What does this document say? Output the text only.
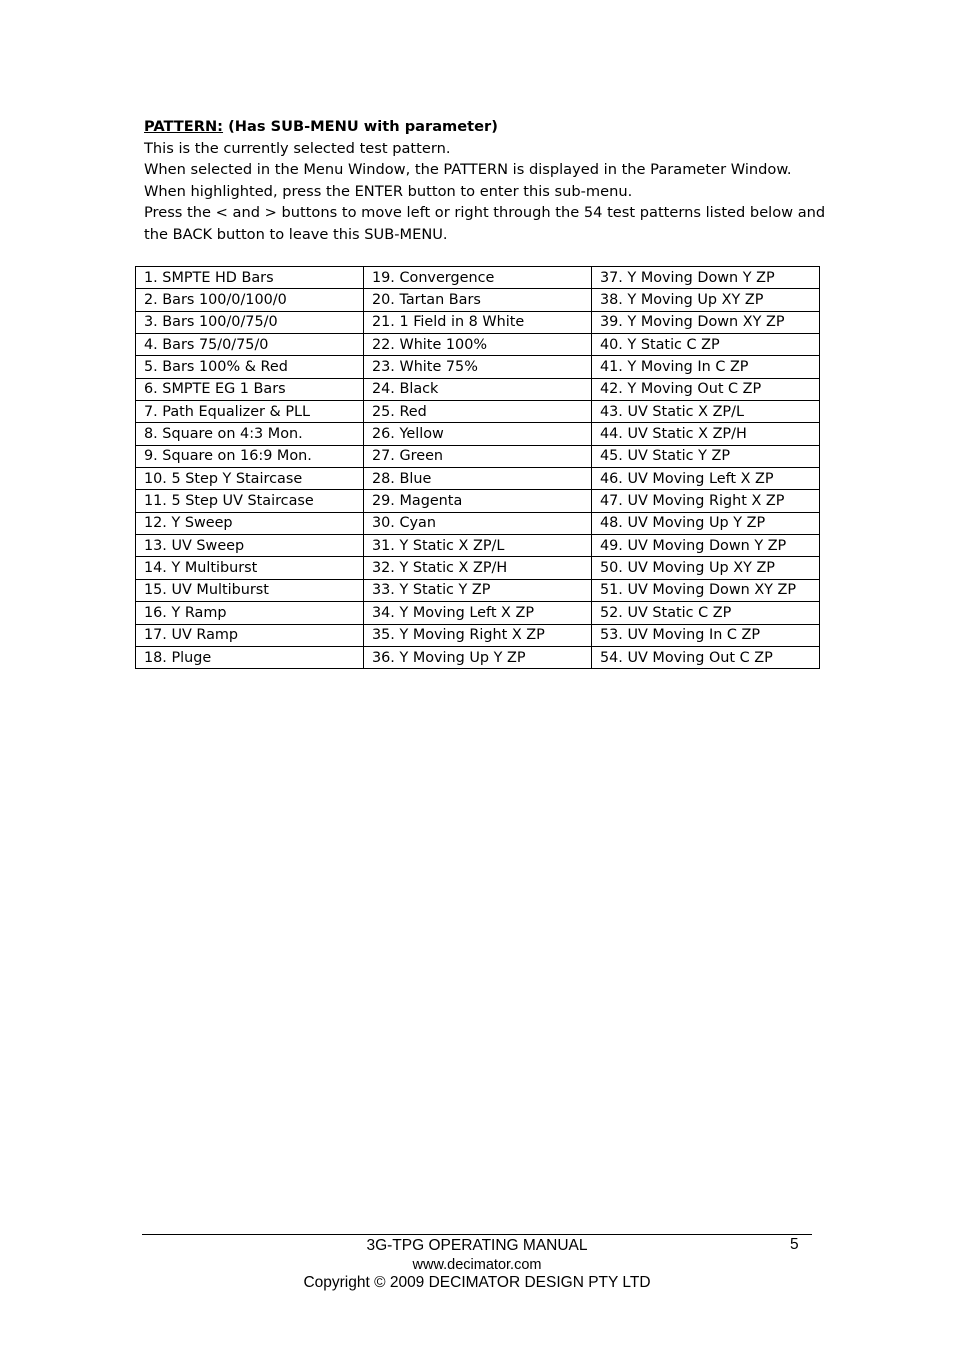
PATTERN: (Has SUB-MENU with parameter)
This is the currently selected test pattern.
When selected in the Menu Window, the PATTERN is displayed in the Parameter Window.
When highlighted, press the ENTER button to enter this sub-menu.
Press the < and > buttons to move left or right through the 54 test patterns listed below and
the BACK button to leave this SUB-MENU.
1. SMPTE HD Bars	19. Convergence	37. Y Moving Down Y ZP
2. Bars 100/0/100/0	20. Tartan Bars	38. Y Moving Up XY ZP
3. Bars 100/0/75/0	21. 1 Field in 8 White	39. Y Moving Down XY ZP
4. Bars 75/0/75/0	22. White 100%	40. Y Static C ZP
5. Bars 100% & Red	23. White 75%	41. Y Moving In C ZP
6. SMPTE EG 1 Bars	24. Black	42. Y Moving Out C ZP
7. Path Equalizer & PLL	25. Red	43. UV Static X ZP/L
8. Square on 4:3 Mon.	26. Yellow	44. UV Static X ZP/H
9. Square on 16:9 Mon.	27. Green	45. UV Static Y ZP
10. 5 Step Y Staircase	28. Blue	46. UV Moving Left X ZP
11. 5 Step UV Staircase	29. Magenta	47. UV Moving Right X ZP
12. Y Sweep	30. Cyan	48. UV Moving Up Y ZP
13. UV Sweep	31. Y Static X ZP/L	49. UV Moving Down Y ZP
14. Y Multiburst	32. Y Static X ZP/H	50. UV Moving Up XY ZP
15. UV Multiburst	33. Y Static Y ZP	51. UV Moving Down XY ZP
16. Y Ramp	34. Y Moving Left X ZP	52. UV Static C ZP
17. UV Ramp	35. Y Moving Right X ZP	53. UV Moving In C ZP
18. Pluge	36. Y Moving Up Y ZP	54. UV Moving Out C ZP
3G-TPG OPERATING MANUAL	5
www.decimator.com
Copyright © 2009 DECIMATOR DESIGN PTY LTD
